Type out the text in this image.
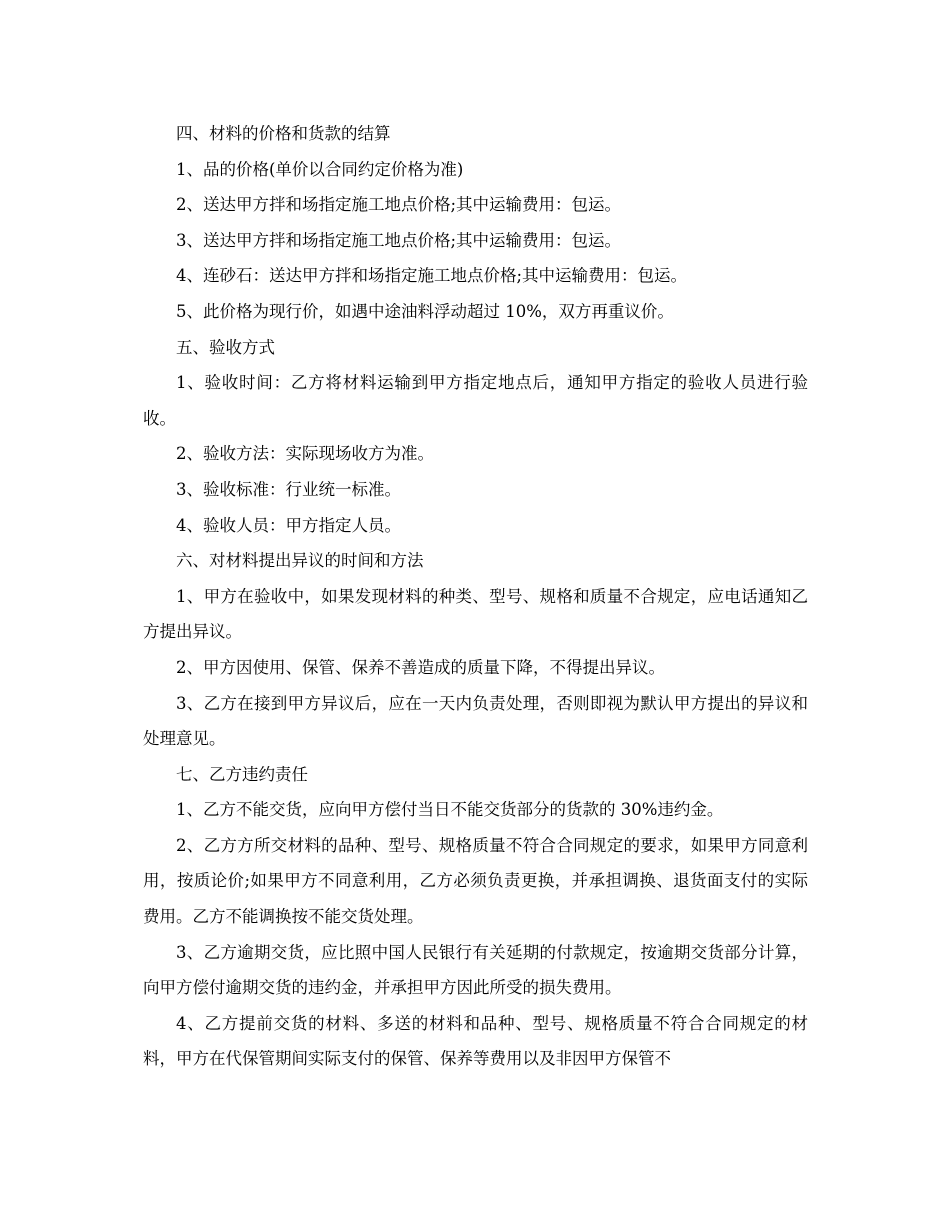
四、材料的价格和货款的结算

1、品的价格(单价以合同约定价格为准)

2、送达甲方拌和场指定施工地点价格;其中运输费用：包运。

3、送达甲方拌和场指定施工地点价格;其中运输费用：包运。

4、连砂石：送达甲方拌和场指定施工地点价格;其中运输费用：包运。

5、此价格为现行价，如遇中途油料浮动超过 10%，双方再重议价。

五、验收方式

1、验收时间：乙方将材料运输到甲方指定地点后，通知甲方指定的验收人员进行验收。

2、验收方法：实际现场收方为准。

3、验收标准：行业统一标准。

4、验收人员：甲方指定人员。

六、对材料提出异议的时间和方法

1、甲方在验收中，如果发现材料的种类、型号、规格和质量不合规定，应电话通知乙方提出异议。

2、甲方因使用、保管、保养不善造成的质量下降，不得提出异议。

3、乙方在接到甲方异议后，应在一天内负责处理，否则即视为默认甲方提出的异议和处理意见。

七、乙方违约责任

1、乙方不能交货，应向甲方偿付当日不能交货部分的货款的 30%违约金。

2、乙方方所交材料的品种、型号、规格质量不符合合同规定的要求，如果甲方同意利用，按质论价;如果甲方不同意利用，乙方必须负责更换，并承担调换、退货面支付的实际费用。乙方不能调换按不能交货处理。

3、乙方逾期交货，应比照中国人民银行有关延期的付款规定，按逾期交货部分计算，向甲方偿付逾期交货的违约金，并承担甲方因此所受的损失费用。

4、乙方提前交货的材料、多送的材料和品种、型号、规格质量不符合合同规定的材料，甲方在代保管期间实际支付的保管、保养等费用以及非因甲方保管不
